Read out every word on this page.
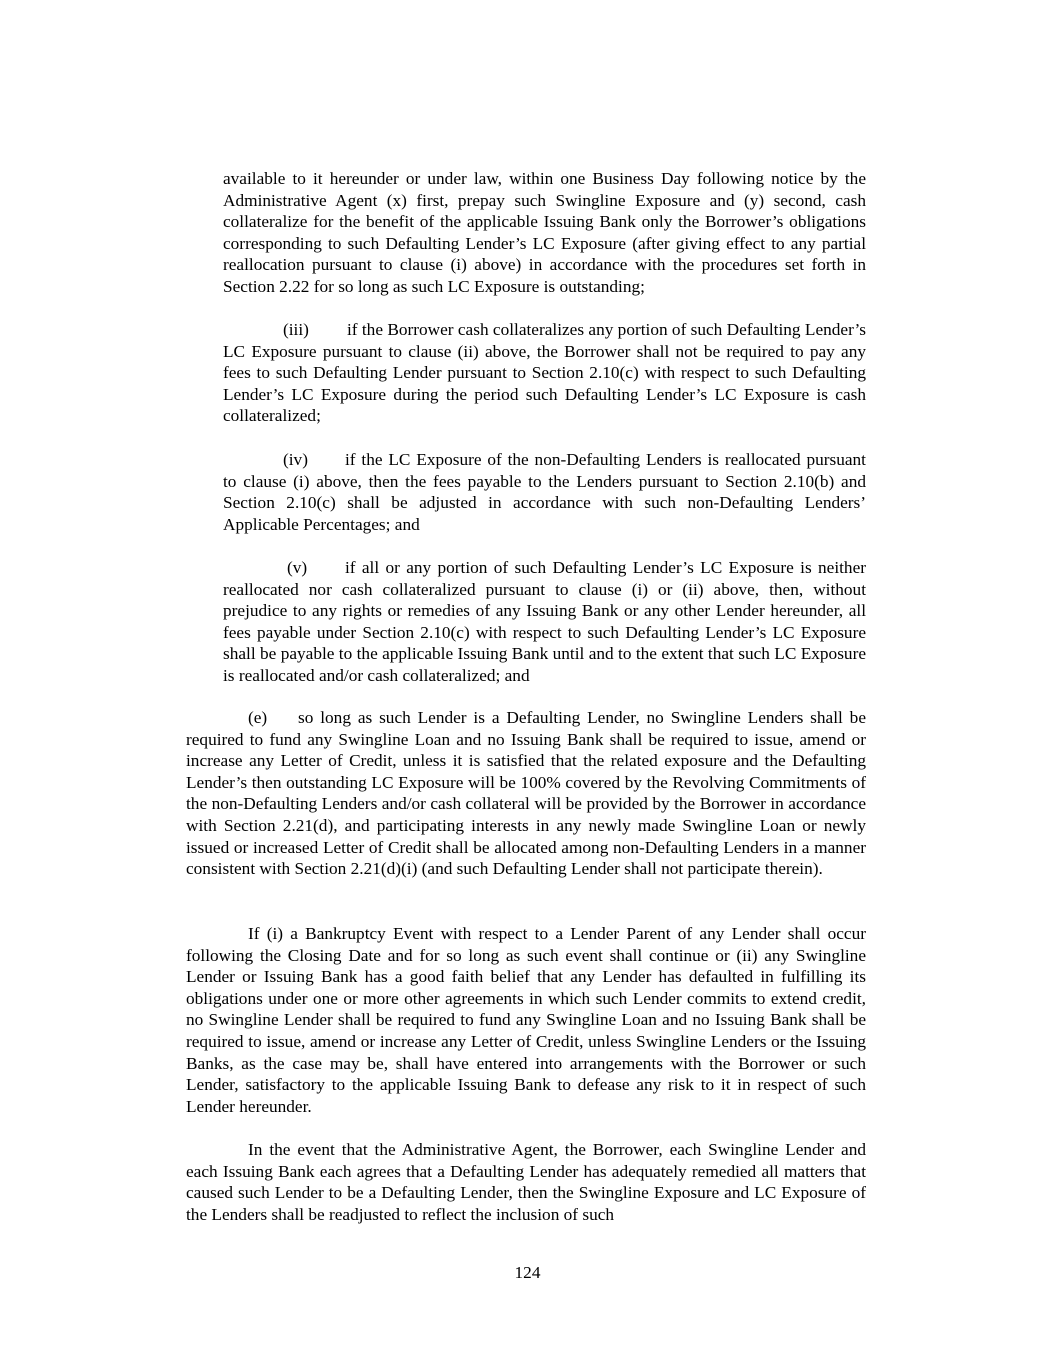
available to it hereunder or under law, within one Business Day following notice by the Administrative Agent (x) first, prepay such Swingline Exposure and (y) second, cash collateralize for the benefit of the applicable Issuing Bank only the Borrower’s obligations corresponding to such Defaulting Lender’s LC Exposure (after giving effect to any partial reallocation pursuant to clause (i) above) in accordance with the procedures set forth in Section 2.22 for so long as such LC Exposure is outstanding;

(iii) if the Borrower cash collateralizes any portion of such Defaulting Lender’s LC Exposure pursuant to clause (ii) above, the Borrower shall not be required to pay any fees to such Defaulting Lender pursuant to Section 2.10(c) with respect to such Defaulting Lender’s LC Exposure during the period such Defaulting Lender’s LC Exposure is cash collateralized;

(iv) if the LC Exposure of the non-Defaulting Lenders is reallocated pursuant to clause (i) above, then the fees payable to the Lenders pursuant to Section 2.10(b) and Section 2.10(c) shall be adjusted in accordance with such non-Defaulting Lenders’ Applicable Percentages; and

(v) if all or any portion of such Defaulting Lender’s LC Exposure is neither reallocated nor cash collateralized pursuant to clause (i) or (ii) above, then, without prejudice to any rights or remedies of any Issuing Bank or any other Lender hereunder, all fees payable under Section 2.10(c) with respect to such Defaulting Lender’s LC Exposure shall be payable to the applicable Issuing Bank until and to the extent that such LC Exposure is reallocated and/or cash collateralized; and

(e) so long as such Lender is a Defaulting Lender, no Swingline Lenders shall be required to fund any Swingline Loan and no Issuing Bank shall be required to issue, amend or increase any Letter of Credit, unless it is satisfied that the related exposure and the Defaulting Lender’s then outstanding LC Exposure will be 100% covered by the Revolving Commitments of the non-Defaulting Lenders and/or cash collateral will be provided by the Borrower in accordance with Section 2.21(d), and participating interests in any newly made Swingline Loan or newly issued or increased Letter of Credit shall be allocated among non-Defaulting Lenders in a manner consistent with Section 2.21(d)(i) (and such Defaulting Lender shall not participate therein).

If (i) a Bankruptcy Event with respect to a Lender Parent of any Lender shall occur following the Closing Date and for so long as such event shall continue or (ii) any Swingline Lender or Issuing Bank has a good faith belief that any Lender has defaulted in fulfilling its obligations under one or more other agreements in which such Lender commits to extend credit, no Swingline Lender shall be required to fund any Swingline Loan and no Issuing Bank shall be required to issue, amend or increase any Letter of Credit, unless Swingline Lenders or the Issuing Banks, as the case may be, shall have entered into arrangements with the Borrower or such Lender, satisfactory to the applicable Issuing Bank to defease any risk to it in respect of such Lender hereunder.

In the event that the Administrative Agent, the Borrower, each Swingline Lender and each Issuing Bank each agrees that a Defaulting Lender has adequately remedied all matters that caused such Lender to be a Defaulting Lender, then the Swingline Exposure and LC Exposure of the Lenders shall be readjusted to reflect the inclusion of such

124
